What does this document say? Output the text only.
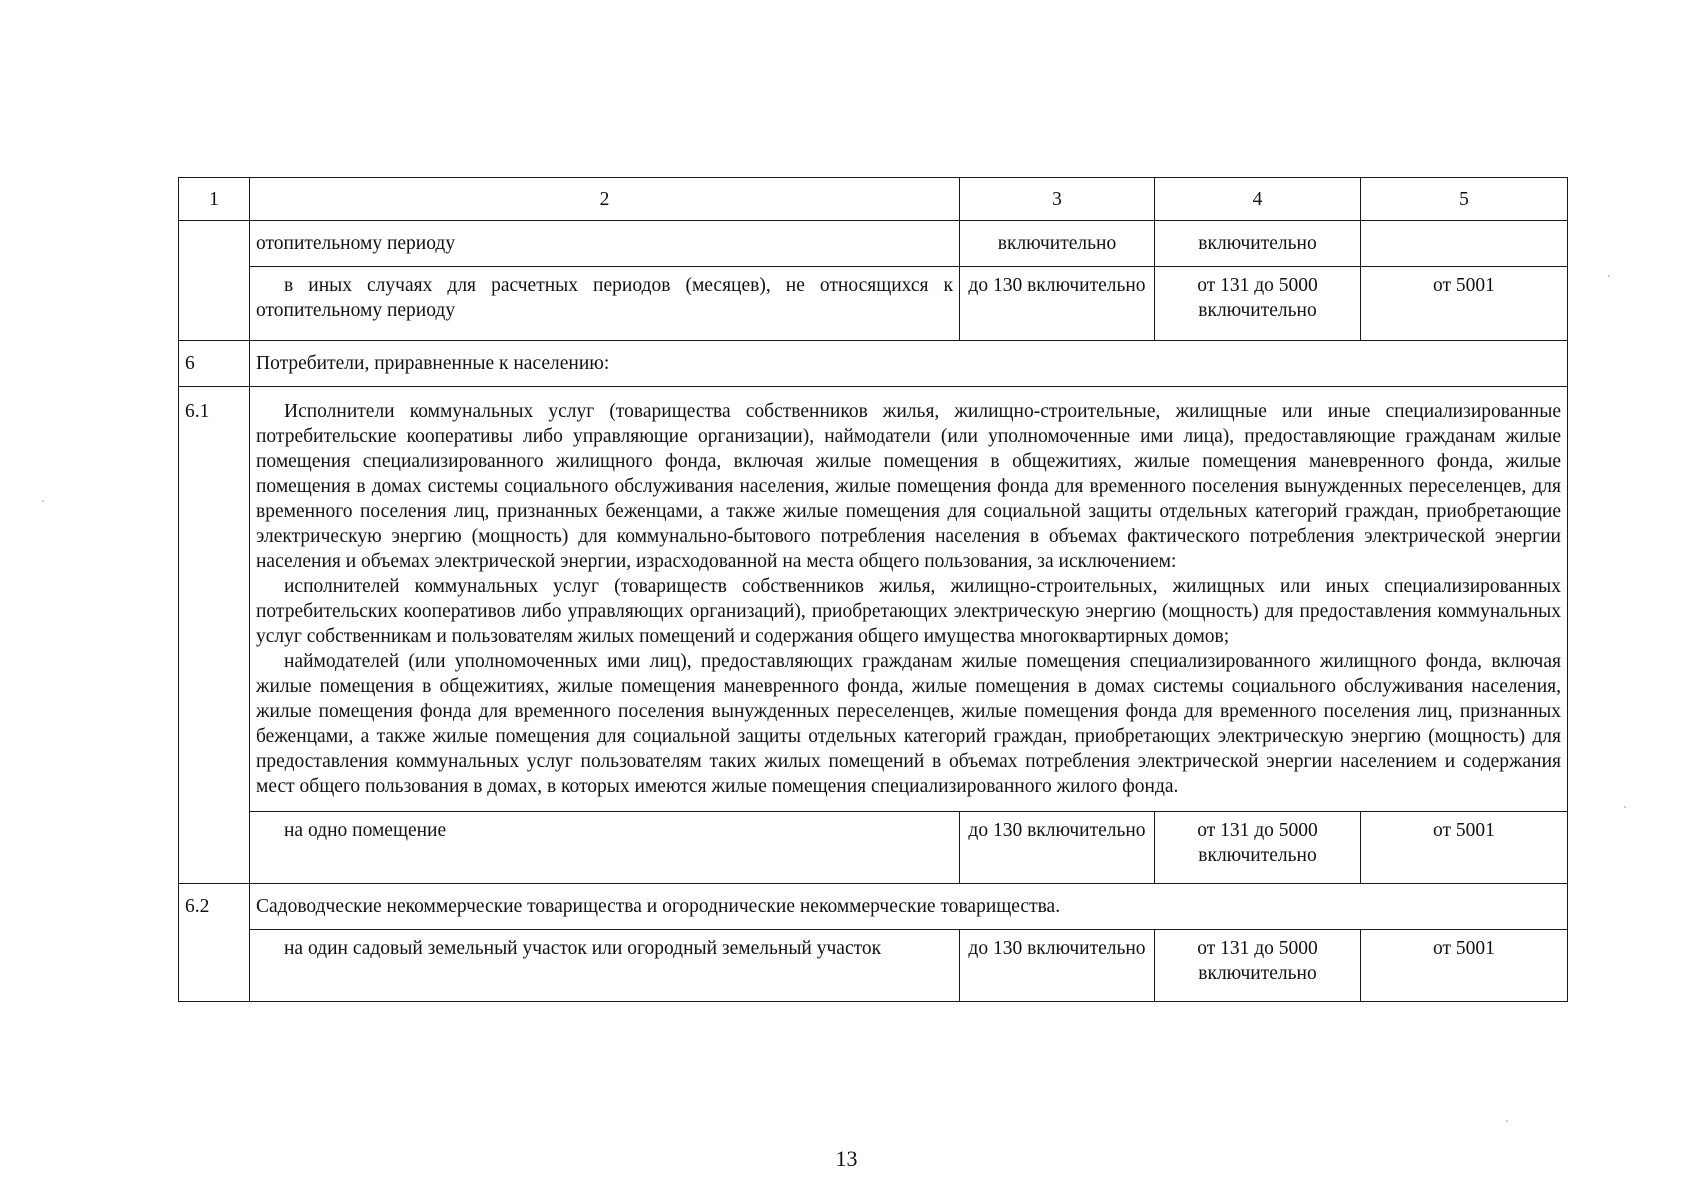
1	2	3	4	5
	отопительному периоду	включительно	включительно	
	в иных случаях для расчетных периодов (месяцев), не относящихся к отопительному периоду	до 130 включительно	от 131 до 5000 включительно	от 5001
6	Потребители, приравненные к населению:			
6.1	Исполнители коммунальных услуг (товарищества собственников жилья, жилищно-строительные, жилищные или иные специализированные потребительские кооперативы либо управляющие организации), наймодатели (или уполномоченные ими лица), предоставляющие гражданам жилые помещения специализированного жилищного фонда, включая жилые помещения в общежитиях, жилые помещения маневренного фонда, жилые помещения в домах системы социального обслуживания населения, жилые помещения фонда для временного поселения вынужденных переселенцев, для временного поселения лиц, признанных беженцами, а также жилые помещения для социальной защиты отдельных категорий граждан, приобретающие электрическую энергию (мощность) для коммунально-бытового потребления населения в объемах фактического потребления электрической энергии населения и объемах электрической энергии, израсходованной на места общего пользования, за исключением:

исполнителей коммунальных услуг (товариществ собственников жилья, жилищно-строительных, жилищных или иных специализированных потребительских кооперативов либо управляющих организаций), приобретающих электрическую энергию (мощность) для предоставления коммунальных услуг собственникам и пользователям жилых помещений и содержания общего имущества многоквартирных домов;

наймодателей (или уполномоченных ими лиц), предоставляющих гражданам жилые помещения специализированного жилищного фонда, включая жилые помещения в общежитиях, жилые помещения маневренного фонда, жилые помещения в домах системы социального обслуживания населения, жилые помещения фонда для временного поселения вынужденных переселенцев, жилые помещения фонда для временного поселения лиц, признанных беженцами, а также жилые помещения для социальной защиты отдельных категорий граждан, приобретающих электрическую энергию (мощность) для предоставления коммунальных услуг пользователям таких жилых помещений в объемах потребления электрической энергии населением и содержания мест общего пользования в домах, в которых имеются жилые помещения специализированного жилого фонда.			

	на одно помещение	до 130 включительно	от 131 до 5000 включительно	от 5001
6.2	Садоводческие некоммерческие товарищества и огороднические некоммерческие товарищества.			
	на один садовый земельный участок или огородный земельный участок	до 130 включительно	от 131 до 5000 включительно	от 5001
13
